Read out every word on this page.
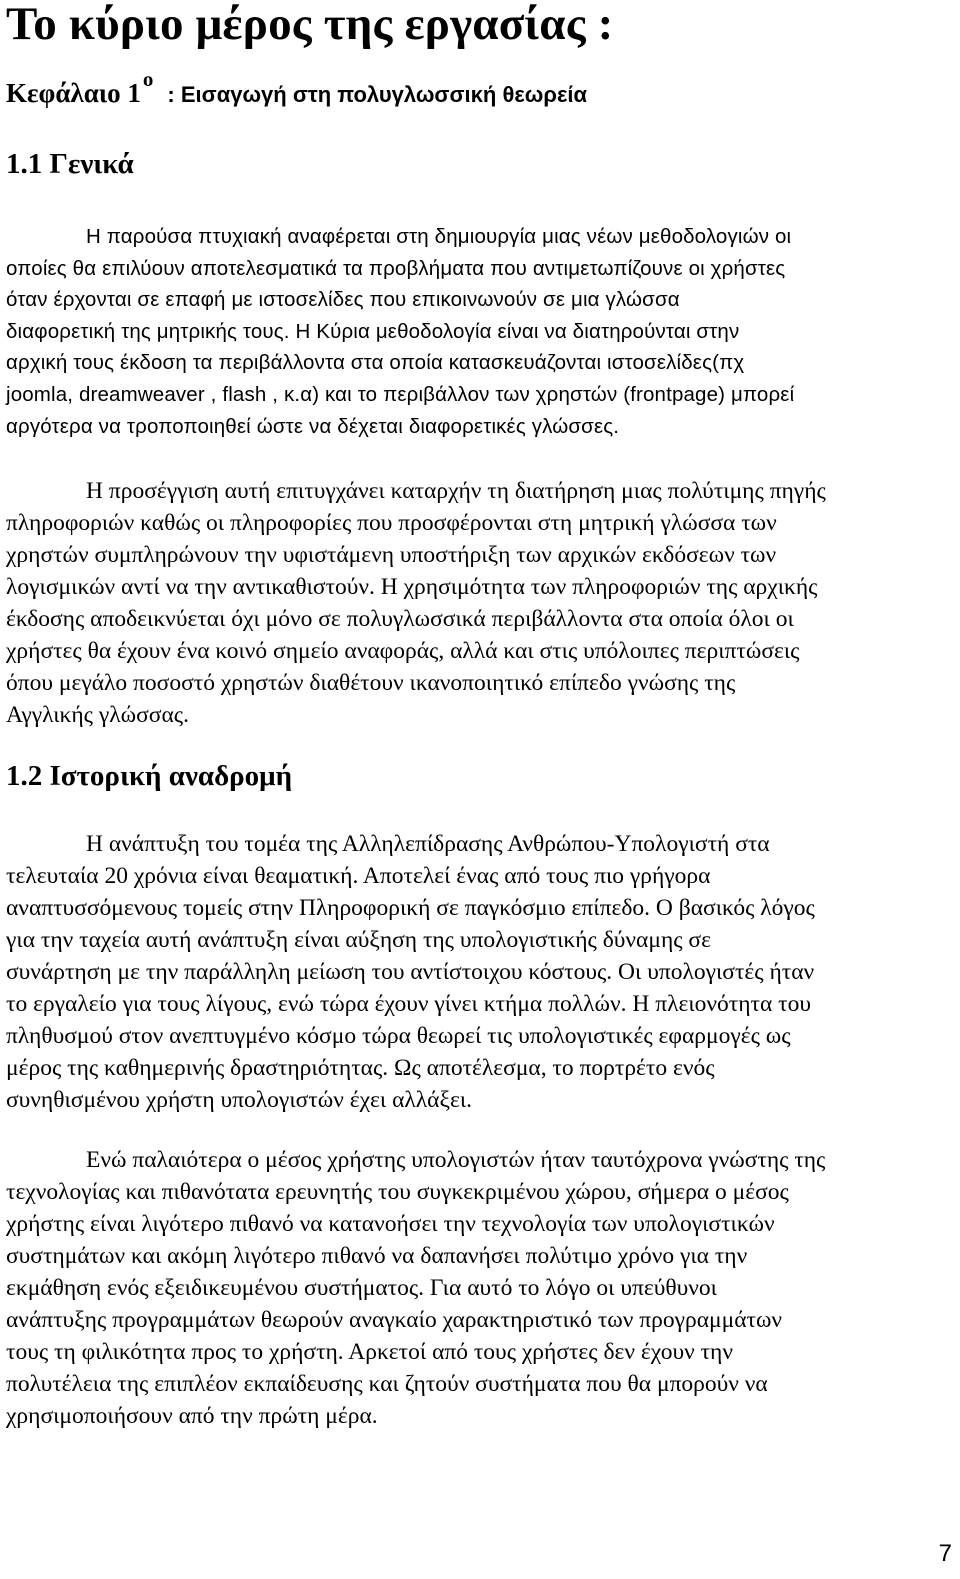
Το κύριο μέρος της εργασίας :

Κεφάλαιο 1ο: Εισαγωγή στη πολυγλωσσική θεωρεία

1.1 Γενικά
Η παρούσα πτυχιακή αναφέρεται στη δημιουργία μιας νέων μεθοδολογιών οι
οποίες θα επιλύουν αποτελεσματικά τα προβλήματα που αντιμετωπίζουνε οι χρήστες
όταν έρχονται σε επαφή με ιστοσελίδες που επικοινωνούν σε μια γλώσσα
διαφορετική της μητρικής τους. Η Κύρια μεθοδολογία είναι να διατηρούνται στην
αρχική τους έκδοση τα περιβάλλοντα στα οποία κατασκευάζονται ιστοσελίδες(πχ
joomla, dreamweaver , flash , κ.α) και το περιβάλλον των χρηστών (frontpage) μπορεί
αργότερα να τροποποιηθεί ώστε να δέχεται διαφορετικές γλώσσες.
Η προσέγγιση αυτή επιτυγχάνει καταρχήν τη διατήρηση μιας πολύτιμης πηγής
πληροφοριών καθώς οι πληροφορίες που προσφέρονται στη μητρική γλώσσα των
χρηστών συμπληρώνουν την υφιστάμενη υποστήριξη των αρχικών εκδόσεων των
λογισμικών αντί να την αντικαθιστούν. Η χρησιμότητα των πληροφοριών της αρχικής
έκδοσης αποδεικνύεται όχι μόνο σε πολυγλωσσικά περιβάλλοντα στα οποία όλοι οι
χρήστες θα έχουν ένα κοινό σημείο αναφοράς, αλλά και στις υπόλοιπες περιπτώσεις
όπου μεγάλο ποσοστό χρηστών διαθέτουν ικανοποιητικό επίπεδο γνώσης της
Αγγλικής γλώσσας.
1.2 Ιστορική αναδρομή
Η ανάπτυξη του τομέα της Αλληλεπίδρασης Ανθρώπου-Υπολογιστή στα
τελευταία 20 χρόνια είναι θεαματική. Αποτελεί ένας από τους πιο γρήγορα
αναπτυσσόμενους τομείς στην Πληροφορική σε παγκόσμιο επίπεδο. Ο βασικός λόγος
για την ταχεία αυτή ανάπτυξη είναι αύξηση της υπολογιστικής δύναμης σε
συνάρτηση με την παράλληλη μείωση του αντίστοιχου κόστους. Οι υπολογιστές ήταν
το εργαλείο για τους λίγους, ενώ τώρα έχουν γίνει κτήμα πολλών. Η πλειονότητα του
πληθυσμού στον ανεπτυγμένο κόσμο τώρα θεωρεί τις υπολογιστικές εφαρμογές ως
μέρος της καθημερινής δραστηριότητας. Ως αποτέλεσμα, το πορτρέτο ενός
συνηθισμένου χρήστη υπολογιστών έχει αλλάξει.
Ενώ παλαιότερα ο μέσος χρήστης υπολογιστών ήταν ταυτόχρονα γνώστης της
τεχνολογίας και πιθανότατα ερευνητής του συγκεκριμένου χώρου, σήμερα ο μέσος
χρήστης είναι λιγότερο πιθανό να κατανοήσει την τεχνολογία των υπολογιστικών
συστημάτων και ακόμη λιγότερο πιθανό να δαπανήσει πολύτιμο χρόνο για την
εκμάθηση ενός εξειδικευμένου συστήματος. Για αυτό το λόγο οι υπεύθυνοι
ανάπτυξης προγραμμάτων θεωρούν αναγκαίο χαρακτηριστικό των προγραμμάτων
τους τη φιλικότητα προς το χρήστη. Αρκετοί από τους χρήστες δεν έχουν την
πολυτέλεια της επιπλέον εκπαίδευσης και ζητούν συστήματα που θα μπορούν να
χρησιμοποιήσουν από την πρώτη μέρα.
7
